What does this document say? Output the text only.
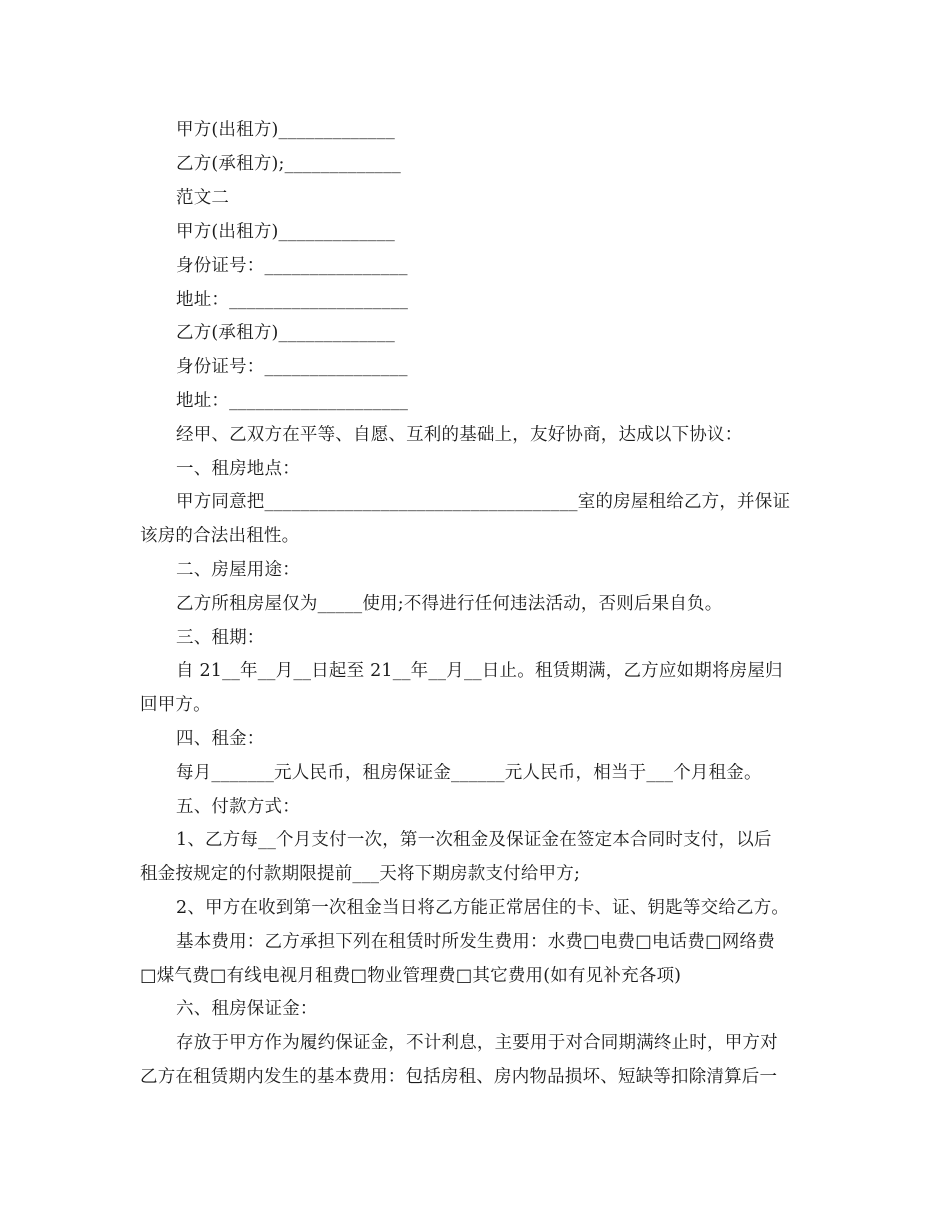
甲方(出租方)_____________
乙方(承租方);_____________
范文二
甲方(出租方)_____________
身份证号：________________
地址：____________________
乙方(承租方)_____________
身份证号：________________
地址：____________________
经甲、乙双方在平等、自愿、互利的基础上，友好协商，达成以下协议：
一、租房地点：
甲方同意把___________________________________室的房屋租给乙方，并保证
该房的合法出租性。
二、房屋用途：
乙方所租房屋仅为_____使用;不得进行任何违法活动，否则后果自负。
三、租期：
自 21__年__月__日起至 21__年__月__日止。租赁期满，乙方应如期将房屋归
回甲方。
四、租金：
每月_______元人民币，租房保证金______元人民币，相当于___个月租金。
五、付款方式：
1、乙方每__个月支付一次，第一次租金及保证金在签定本合同时支付，以后
租金按规定的付款期限提前___天将下期房款支付给甲方;
2、甲方在收到第一次租金当日将乙方能正常居住的卡、证、钥匙等交给乙方。
基本费用：乙方承担下列在租赁时所发生费用：水费□电费□电话费□网络费
□煤气费□有线电视月租费□物业管理费□其它费用(如有见补充各项)
六、租房保证金：
存放于甲方作为履约保证金，不计利息，主要用于对合同期满终止时，甲方对
乙方在租赁期内发生的基本费用：包括房租、房内物品损坏、短缺等扣除清算后一
